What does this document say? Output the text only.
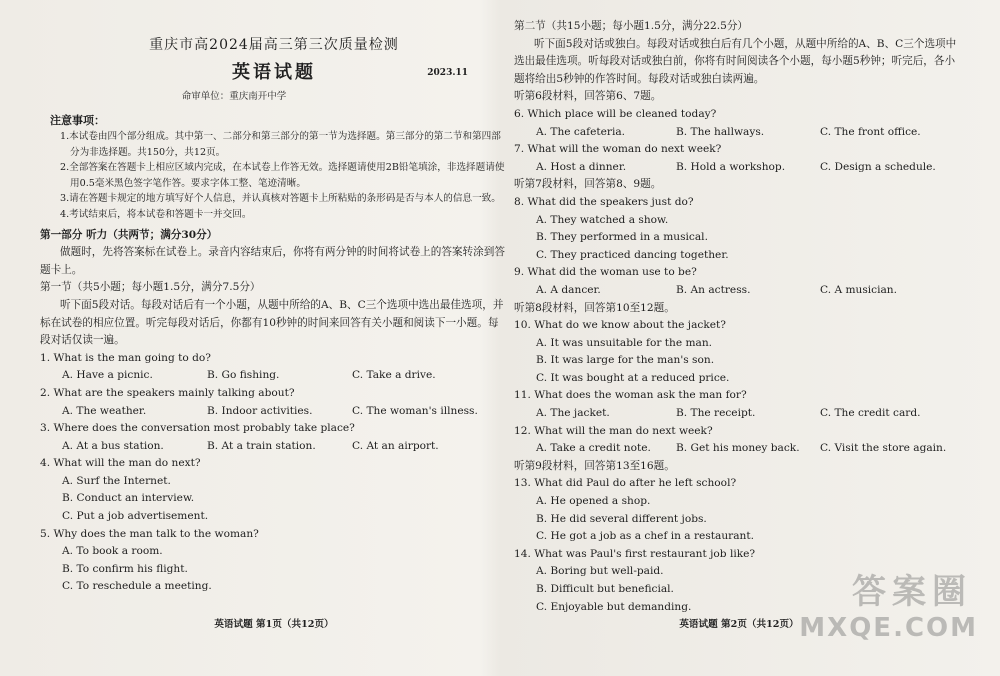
重庆市高2024届高三第三次质量检测
英语试题	2023.11
命审单位：重庆南开中学
注意事项：
1.本试卷由四个部分组成。其中第一、二部分和第三部分的第一节为选择题。第三部分的第二节和第四部分为非选择题。共150分，共12页。
2.全部答案在答题卡上相应区域内完成，在本试卷上作答无效。选择题请使用2B铅笔填涂，非选择题请使用0.5毫米黑色签字笔作答。要求字体工整、笔迹清晰。
3.请在答题卡规定的地方填写好个人信息，并认真核对答题卡上所粘贴的条形码是否与本人的信息一致。
4.考试结束后，将本试卷和答题卡一并交回。
第一部分 听力（共两节；满分30分）
做题时，先将答案标在试卷上。录音内容结束后，你将有两分钟的时间将试卷上的答案转涂到答题卡上。
第一节（共5小题；每小题1.5分，满分7.5分）
听下面5段对话。每段对话后有一个小题，从题中所给的A、B、C三个选项中选出最佳选项，并标在试卷的相应位置。听完每段对话后，你都有10秒钟的时间来回答有关小题和阅读下一小题。每段对话仅读一遍。
1. What is the man going to do?
A. Have a picnic.	B. Go fishing.	C. Take a drive.
2. What are the speakers mainly talking about?
A. The weather.	B. Indoor activities.	C. The woman's illness.
3. Where does the conversation most probably take place?
A. At a bus station.	B. At a train station.	C. At an airport.
4. What will the man do next?
A. Surf the Internet.
B. Conduct an interview.
C. Put a job advertisement.
5. Why does the man talk to the woman?
A. To book a room.
B. To confirm his flight.
C. To reschedule a meeting.
英语试题 第1页（共12页）
第二节（共15小题；每小题1.5分，满分22.5分）
听下面5段对话或独白。每段对话或独白后有几个小题，从题中所给的A、B、C三个选项中选出最佳选项。听每段对话或独白前，你将有时间阅读各个小题，每小题5秒钟；听完后，各小题将给出5秒钟的作答时间。每段对话或独白读两遍。
听第6段材料，回答第6、7题。
6. Which place will be cleaned today?
A. The cafeteria.	B. The hallways.	C. The front office.
7. What will the woman do next week?
A. Host a dinner.	B. Hold a workshop.	C. Design a schedule.
听第7段材料，回答第8、9题。
8. What did the speakers just do?
A. They watched a show.
B. They performed in a musical.
C. They practiced dancing together.
9. What did the woman use to be?
A. A dancer.	B. An actress.	C. A musician.
听第8段材料，回答第10至12题。
10. What do we know about the jacket?
A. It was unsuitable for the man.
B. It was large for the man's son.
C. It was bought at a reduced price.
11. What does the woman ask the man for?
A. The jacket.	B. The receipt.	C. The credit card.
12. What will the man do next week?
A. Take a credit note.	B. Get his money back.	C. Visit the store again.
听第9段材料，回答第13至16题。
13. What did Paul do after he left school?
A. He opened a shop.
B. He did several different jobs.
C. He got a job as a chef in a restaurant.
14. What was Paul's first restaurant job like?
A. Boring but well-paid.
B. Difficult but beneficial.
C. Enjoyable but demanding.
英语试题 第2页（共12页）
答案圈
MXQE.COM
